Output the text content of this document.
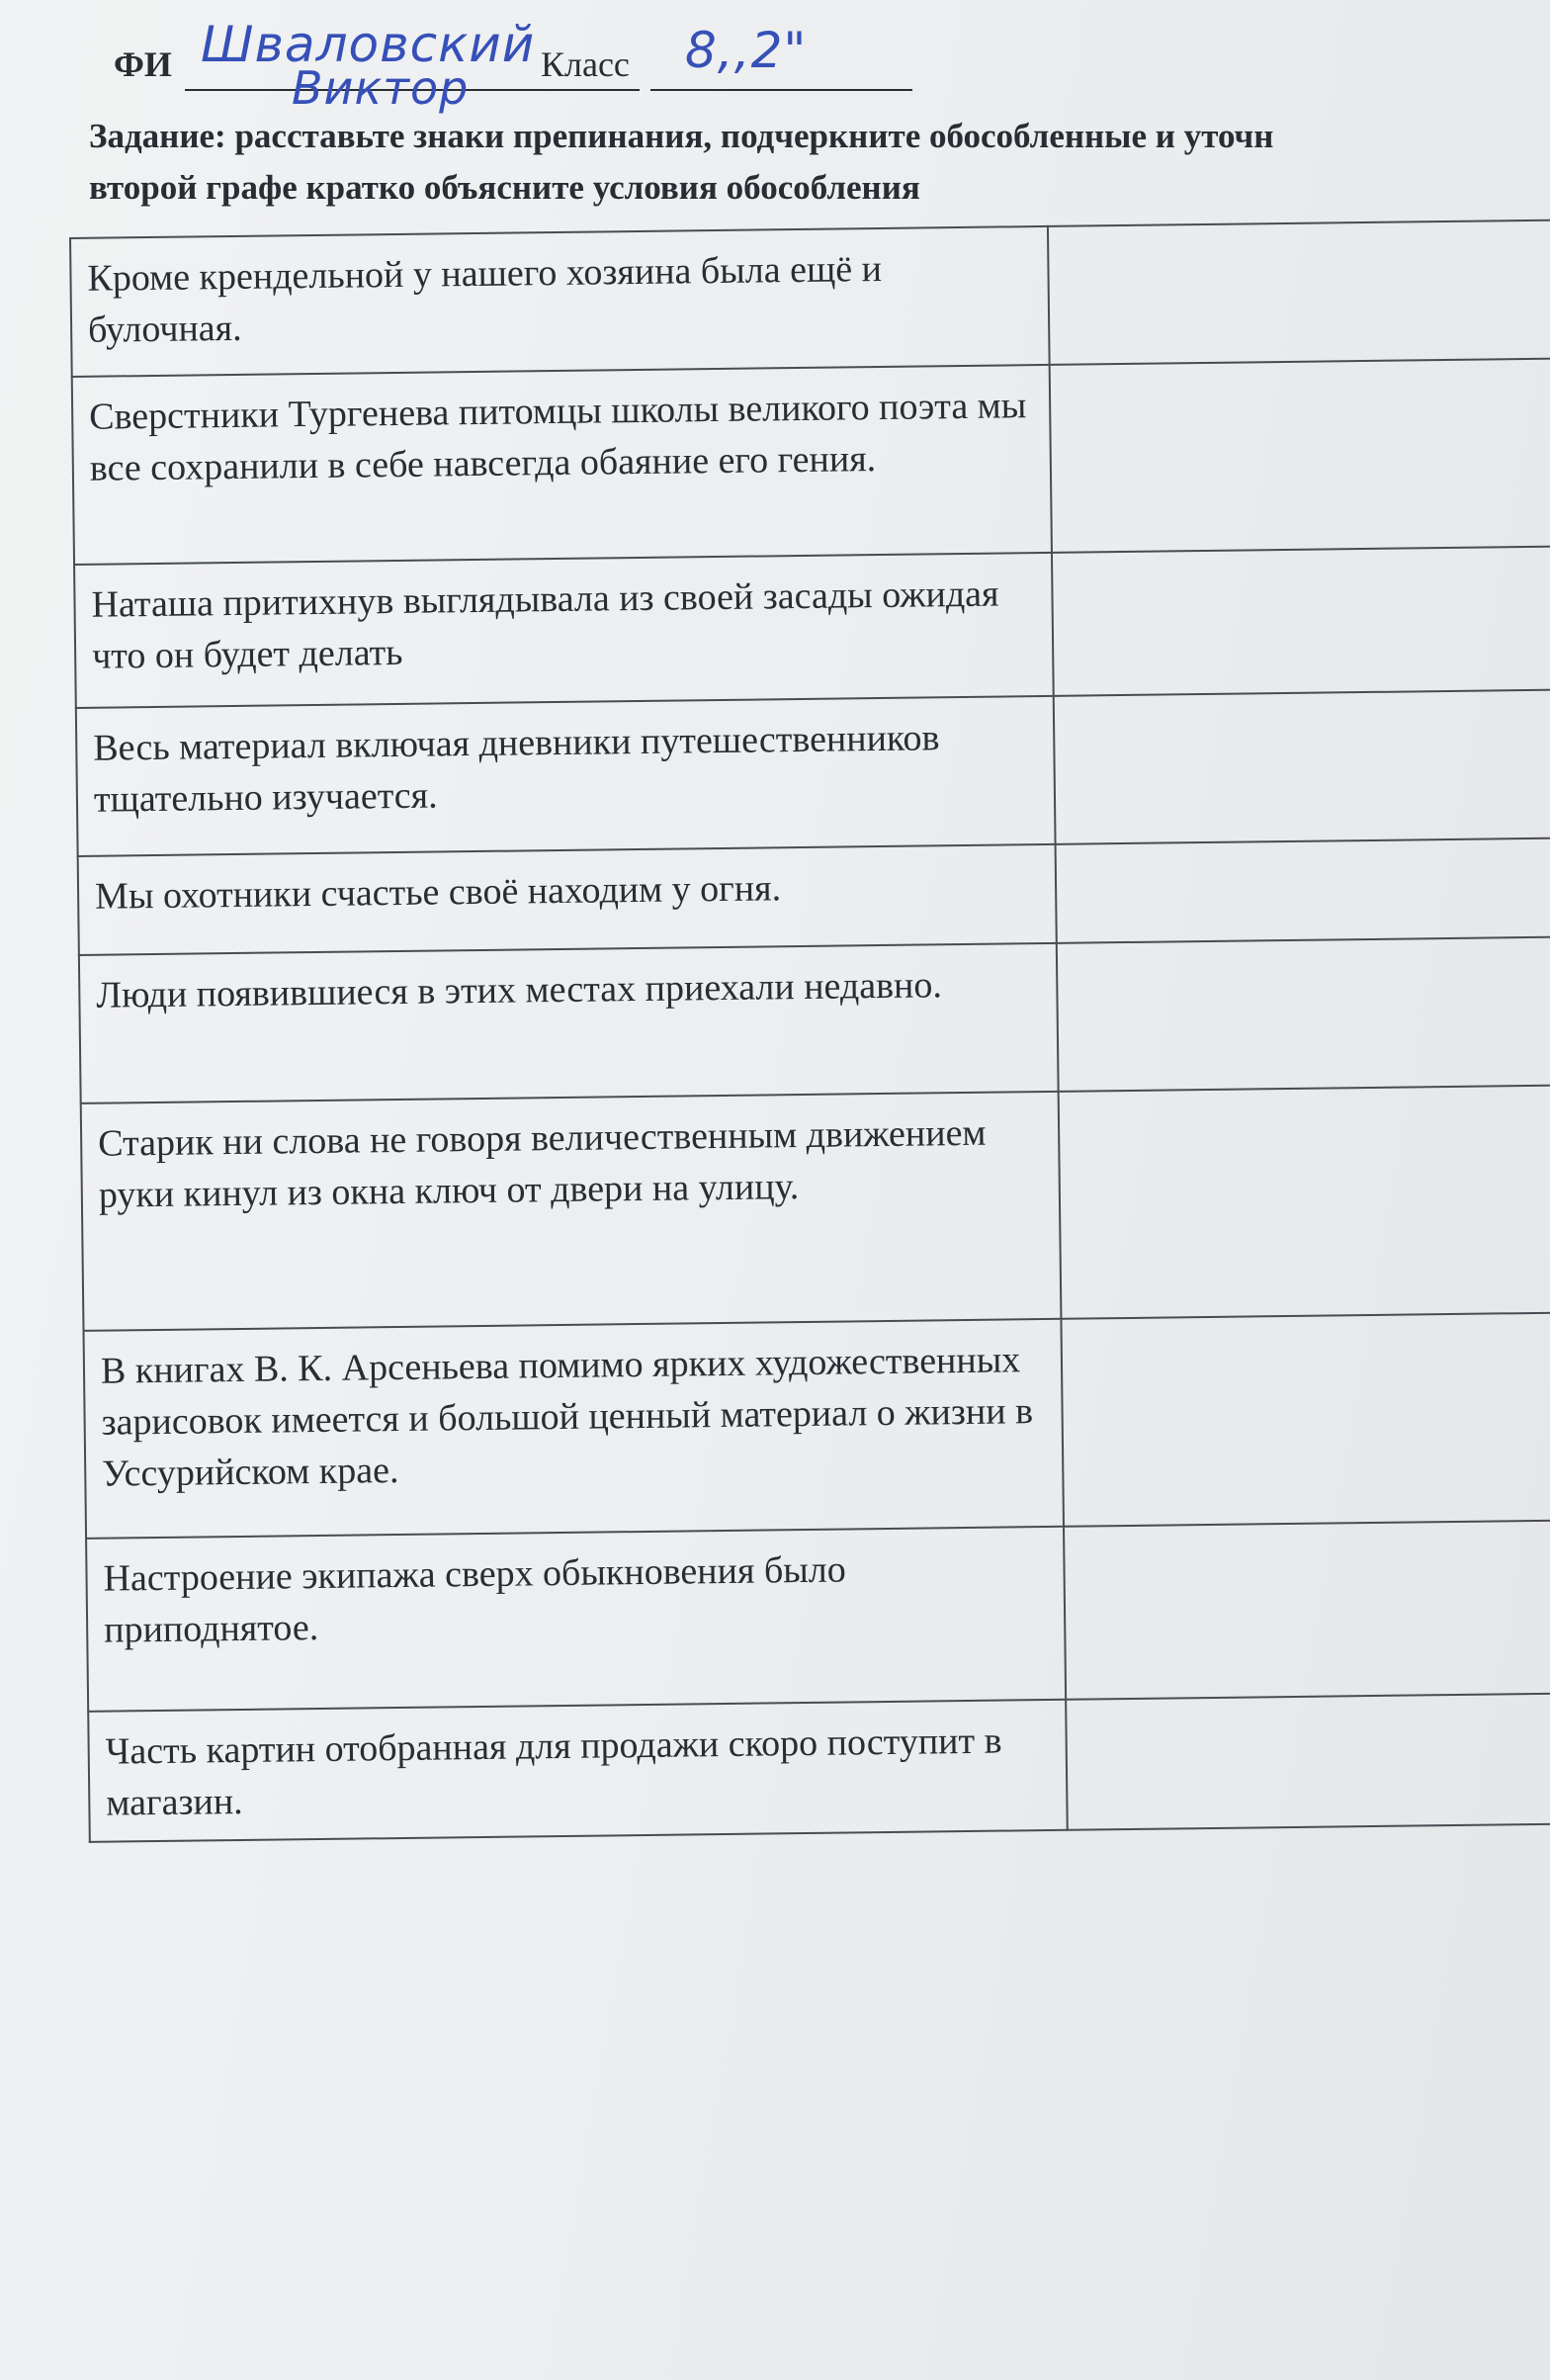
ФИ Шваловский
Виктор Класс 8,,2"
Задание: расставьте знаки препинания, подчеркните обособленные и уточн
второй графе кратко объясните условия обособления
Кроме крендельной у нашего хозяина была ещё и булочная.	
Сверстники Тургенева питомцы школы великого поэта мы все сохранили в себе навсегда обаяние его гения.	
Наташа притихнув выглядывала из своей засады ожидая что он будет делать	
Весь материал включая дневники путешественников тщательно изучается.	
Мы охотники счастье своё находим у огня.	
Люди появившиеся в этих местах приехали недавно.	
Старик ни слова не говоря величественным движением руки кинул из окна ключ от двери на улицу.	
В книгах В. К. Арсеньева помимо ярких художественных зарисовок имеется и большой ценный материал о жизни в Уссурийском крае.	
Настроение экипажа сверх обыкновения было приподнятое.	
Часть картин отобранная для продажи скоро поступит в магазин.	
